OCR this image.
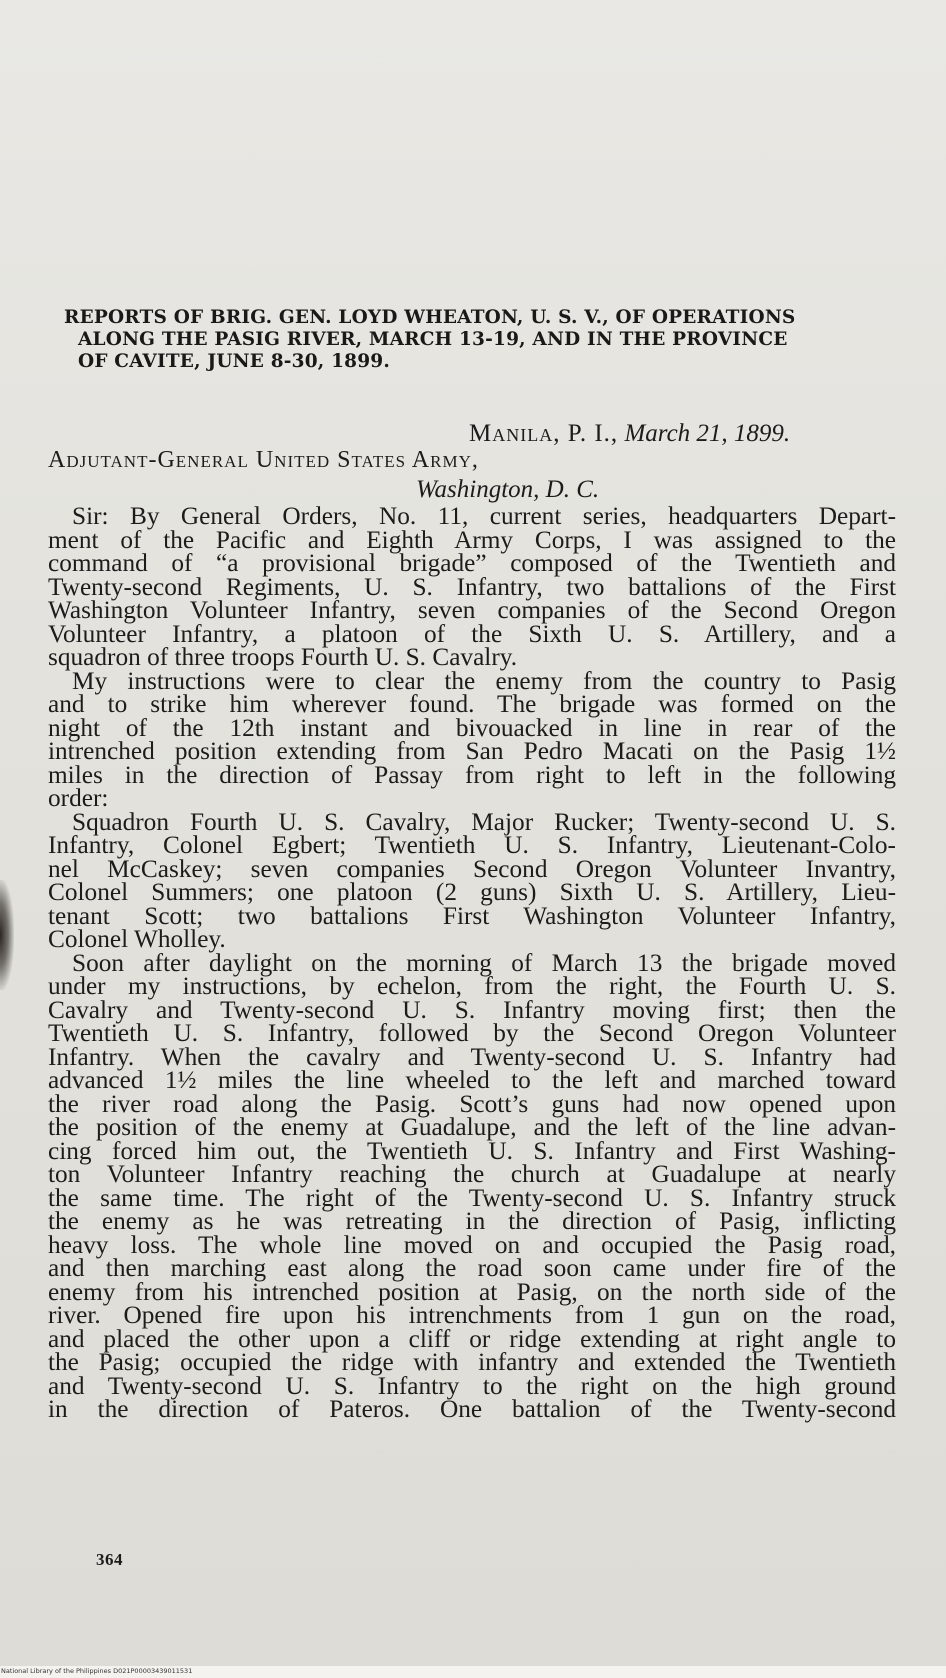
REPORTS OF BRIG. GEN. LOYD WHEATON, U. S. V., OF OPERATIONS
ALONG THE PASIG RIVER, MARCH 13-19, AND IN THE PROVINCE
OF CAVITE, JUNE 8-30, 1899.
Manila, P. I., March 21, 1899.
Adjutant-General United States Army,
Washington, D. C.
Sir: By General Orders, No. 11, current series, headquarters Depart-
ment of the Pacific and Eighth Army Corps, I was assigned to the
command of “a provisional brigade” composed of the Twentieth and
Twenty-second Regiments, U. S. Infantry, two battalions of the First
Washington Volunteer Infantry, seven companies of the Second Oregon
Volunteer Infantry, a platoon of the Sixth U. S. Artillery, and a
squadron of three troops Fourth U. S. Cavalry.
My instructions were to clear the enemy from the country to Pasig
and to strike him wherever found. The brigade was formed on the
night of the 12th instant and bivouacked in line in rear of the
intrenched position extending from San Pedro Macati on the Pasig 1½
miles in the direction of Passay from right to left in the following
order:
Squadron Fourth U. S. Cavalry, Major Rucker; Twenty-second U. S.
Infantry, Colonel Egbert; Twentieth U. S. Infantry, Lieutenant-Colo-
nel McCaskey; seven companies Second Oregon Volunteer Invantry,
Colonel Summers; one platoon (2 guns) Sixth U. S. Artillery, Lieu-
tenant Scott; two battalions First Washington Volunteer Infantry,
Colonel Wholley.
Soon after daylight on the morning of March 13 the brigade moved
under my instructions, by echelon, from the right, the Fourth U. S.
Cavalry and Twenty-second U. S. Infantry moving first; then the
Twentieth U. S. Infantry, followed by the Second Oregon Volunteer
Infantry. When the cavalry and Twenty-second U. S. Infantry had
advanced 1½ miles the line wheeled to the left and marched toward
the river road along the Pasig. Scott’s guns had now opened upon
the position of the enemy at Guadalupe, and the left of the line advan-
cing forced him out, the Twentieth U. S. Infantry and First Washing-
ton Volunteer Infantry reaching the church at Guadalupe at nearly
the same time. The right of the Twenty-second U. S. Infantry struck
the enemy as he was retreating in the direction of Pasig, inflicting
heavy loss. The whole line moved on and occupied the Pasig road,
and then marching east along the road soon came under fire of the
enemy from his intrenched position at Pasig, on the north side of the
river. Opened fire upon his intrenchments from 1 gun on the road,
and placed the other upon a cliff or ridge extending at right angle to
the Pasig; occupied the ridge with infantry and extended the Twentieth
and Twenty-second U. S. Infantry to the right on the high ground
in the direction of Pateros. One battalion of the Twenty-second
364
National Library of the Philippines D021P00003439011531
